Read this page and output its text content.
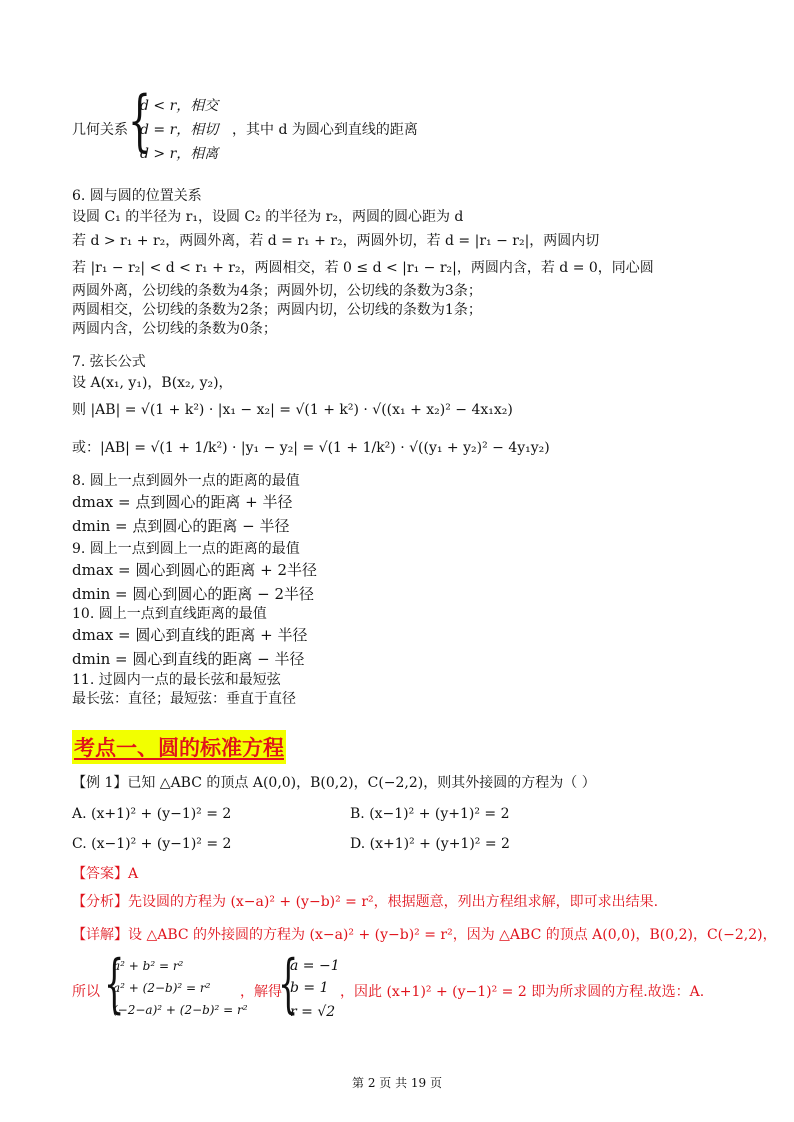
几何关系 {
d < r，相交
d = r，相切 ，其中 d 为圆心到直线的距离
d > r，相离
6. 圆与圆的位置关系
设圆 C₁ 的半径为 r₁，设圆 C₂ 的半径为 r₂，两圆的圆心距为 d
若 d > r₁ + r₂，两圆外离，若 d = r₁ + r₂，两圆外切，若 d = |r₁ − r₂|，两圆内切
若 |r₁ − r₂| < d < r₁ + r₂，两圆相交，若 0 ≤ d < |r₁ − r₂|，两圆内含，若 d = 0，同心圆
两圆外离，公切线的条数为4条；两圆外切，公切线的条数为3条；
两圆相交，公切线的条数为2条；两圆内切，公切线的条数为1条；
两圆内含，公切线的条数为0条；
7. 弦长公式
设 A(x₁, y₁)，B(x₂, y₂)，
则 |AB| = √(1 + k²) · |x₁ − x₂| = √(1 + k²) · √((x₁ + x₂)² − 4x₁x₂)
或：|AB| = √(1 + 1/k²) · |y₁ − y₂| = √(1 + 1/k²) · √((y₁ + y₂)² − 4y₁y₂)
8. 圆上一点到圆外一点的距离的最值
dmax = 点到圆心的距离 + 半径
dmin = 点到圆心的距离 − 半径
9. 圆上一点到圆上一点的距离的最值
dmax = 圆心到圆心的距离 + 2半径
dmin = 圆心到圆心的距离 − 2半径
10. 圆上一点到直线距离的最值
dmax = 圆心到直线的距离 + 半径
dmin = 圆心到直线的距离 − 半径
11. 过圆内一点的最长弦和最短弦
最长弦：直径；最短弦：垂直于直径
考点一、圆的标准方程
【例 1】已知 △ABC 的顶点 A(0,0)，B(0,2)，C(−2,2)，则其外接圆的方程为（ ）
A. (x+1)² + (y−1)² = 2	B. (x−1)² + (y+1)² = 2
C. (x−1)² + (y−1)² = 2	D. (x+1)² + (y+1)² = 2
【答案】A
【分析】先设圆的方程为 (x−a)² + (y−b)² = r²，根据题意，列出方程组求解，即可求出结果.
【详解】设 △ABC 的外接圆的方程为 (x−a)² + (y−b)² = r²，因为 △ABC 的顶点 A(0,0)，B(0,2)，C(−2,2)，
所以 {
a² + b² = r²
a² + (2−b)² = r²
(−2−a)² + (2−b)² = r²
，解得
{
a = −1
b = 1
r = √2
，因此 (x+1)² + (y−1)² = 2 即为所求圆的方程.故选：A.
第 2 页 共 19 页
